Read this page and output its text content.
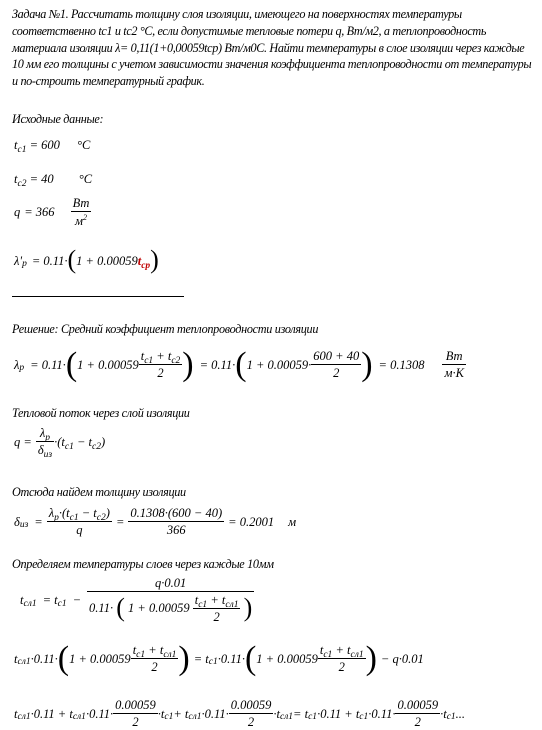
Задача №1. Рассчитать толщину слоя изоляции, имеющего на поверхностях температуры соответственно tc1 и tc2 °C, если допустимые тепловые потери q, Вт/м2, а теплопроводность материала изоляции λ= 0,11(1+0,00059tср) Вт/м0С. Найти температуры в слое изоляции через каждые 10 мм его толщины с учетом зависимости значения коэффициента теплопроводности от температуры и по-строить температурный график.
Исходные данные:
$t_{c1} = 600$ °C
$t_{c2} = 40$ °C
q = 366
Вт
$м^2$
λ' p = 0.11· ( 1 + 0.00059 $t_{cp}$ )
Решение: Средний коэффициент теплопроводности изоляции
λ p = 0.11· ( 1 + 0.00059
$t_{c1} + t_{c2}$
2 ) = 0.11· ( 1 + 0.00059·
600 + 40
2 ) = 0.1308
Вт
м·К
Тепловой поток через слой изоляции
q =
$\lambda_p$
$\delta_{из}$
$\cdot(t_{c1} - t_{c2})$
Отсюда найдем толщину изоляции
δ из = $\frac{\lambda_p\cdot(t_{c1} - t_{c2})}{q} = \frac{0.1308\cdot(600 - 40)}{366} = 0.2001$ м
Определяем температуры слоев через каждые 10мм
t сл1 = t c1 −
q·0.01
0.11· ( 1 + 0.00059
$t_{c1} + t_{сл1}$
2 )
t сл1 ·0.11· ( 1 + 0.00059
$t_{c1} + t_{сл1}$
2 ) = t c1 ·0.11· ( 1 + 0.00059
$t_{c1} + t_{сл1}$
2 ) − q·0.01
t сл1 ·0.11 + t сл1 ·0.11·
0.00059
2
·t c1 + t сл1 ·0.11·
0.00059
2
·t сл1 = t c1 ·0.11 + t c1 ·0.11·
0.00059
2
·t c1 ...
